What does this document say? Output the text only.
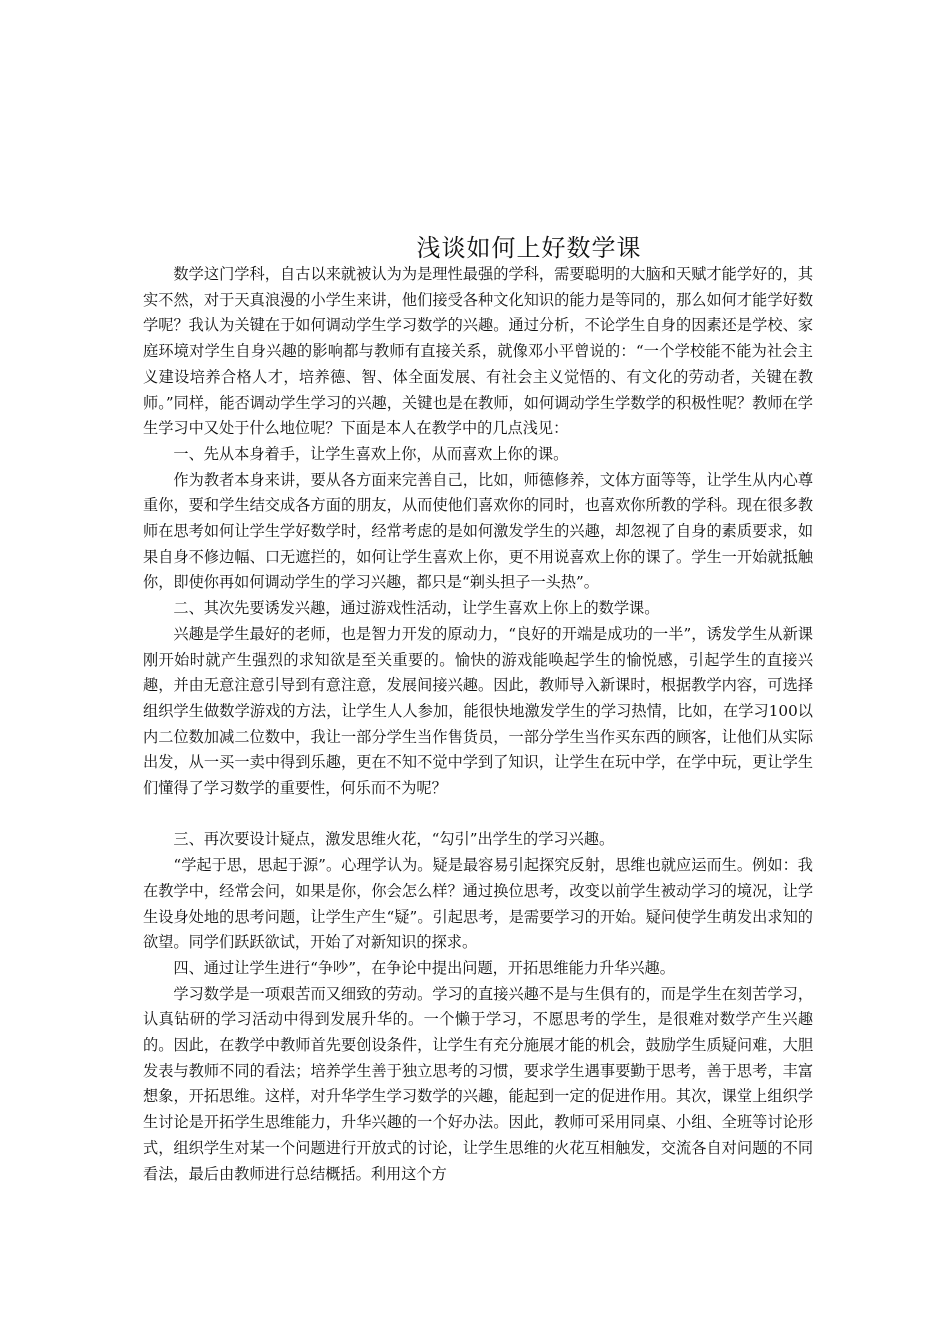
浅谈如何上好数学课

数学这门学科，自古以来就被认为为是理性最强的学科，需要聪明的大脑和天赋才能学好的，其实不然，对于天真浪漫的小学生来讲，他们接受各种文化知识的能力是等同的，那么如何才能学好数学呢？我认为关键在于如何调动学生学习数学的兴趣。通过分析，不论学生自身的因素还是学校、家庭环境对学生自身兴趣的影响都与教师有直接关系，就像邓小平曾说的：“一个学校能不能为社会主义建设培养合格人才，培养德、智、体全面发展、有社会主义觉悟的、有文化的劳动者，关键在教师。”同样，能否调动学生学习的兴趣，关键也是在教师，如何调动学生学数学的积极性呢？教师在学生学习中又处于什么地位呢？下面是本人在教学中的几点浅见：

一、先从本身着手，让学生喜欢上你，从而喜欢上你的课。

作为教者本身来讲，要从各方面来完善自己，比如，师德修养，文体方面等等，让学生从内心尊重你，要和学生结交成各方面的朋友，从而使他们喜欢你的同时，也喜欢你所教的学科。现在很多教师在思考如何让学生学好数学时，经常考虑的是如何激发学生的兴趣，却忽视了自身的素质要求，如果自身不修边幅、口无遮拦的，如何让学生喜欢上你，更不用说喜欢上你的课了。学生一开始就抵触你，即使你再如何调动学生的学习兴趣，都只是“剃头担子一头热”。

二、其次先要诱发兴趣，通过游戏性活动，让学生喜欢上你上的数学课。

兴趣是学生最好的老师，也是智力开发的原动力，“良好的开端是成功的一半”，诱发学生从新课刚开始时就产生强烈的求知欲是至关重要的。愉快的游戏能唤起学生的愉悦感，引起学生的直接兴趣，并由无意注意引导到有意注意，发展间接兴趣。因此，教师导入新课时，根据教学内容，可选择组织学生做数学游戏的方法，让学生人人参加，能很快地激发学生的学习热情，比如，在学习100以内二位数加减二位数中，我让一部分学生当作售货员，一部分学生当作买东西的顾客，让他们从实际出发，从一买一卖中得到乐趣，更在不知不觉中学到了知识，让学生在玩中学，在学中玩，更让学生们懂得了学习数学的重要性，何乐而不为呢？

三、再次要设计疑点，激发思维火花，“勾引”出学生的学习兴趣。

“学起于思，思起于源”。心理学认为。疑是最容易引起探究反射，思维也就应运而生。例如：我在教学中，经常会问，如果是你，你会怎么样？通过换位思考，改变以前学生被动学习的境况，让学生设身处地的思考问题，让学生产生“疑”。引起思考，是需要学习的开始。疑问使学生萌发出求知的欲望。同学们跃跃欲试，开始了对新知识的探求。

四、通过让学生进行“争吵”，在争论中提出问题，开拓思维能力升华兴趣。

学习数学是一项艰苦而又细致的劳动。学习的直接兴趣不是与生俱有的，而是学生在刻苦学习，认真钻研的学习活动中得到发展升华的。一个懒于学习，不愿思考的学生，是很难对数学产生兴趣的。因此，在教学中教师首先要创设条件，让学生有充分施展才能的机会，鼓励学生质疑问难，大胆发表与教师不同的看法；培养学生善于独立思考的习惯，要求学生遇事要勤于思考，善于思考，丰富想象，开拓思维。这样，对升华学生学习数学的兴趣，能起到一定的促进作用。其次，课堂上组织学生讨论是开拓学生思维能力，升华兴趣的一个好办法。因此，教师可采用同桌、小组、全班等讨论形式，组织学生对某一个问题进行开放式的讨论，让学生思维的火花互相触发，交流各自对问题的不同看法，最后由教师进行总结概括。利用这个方
